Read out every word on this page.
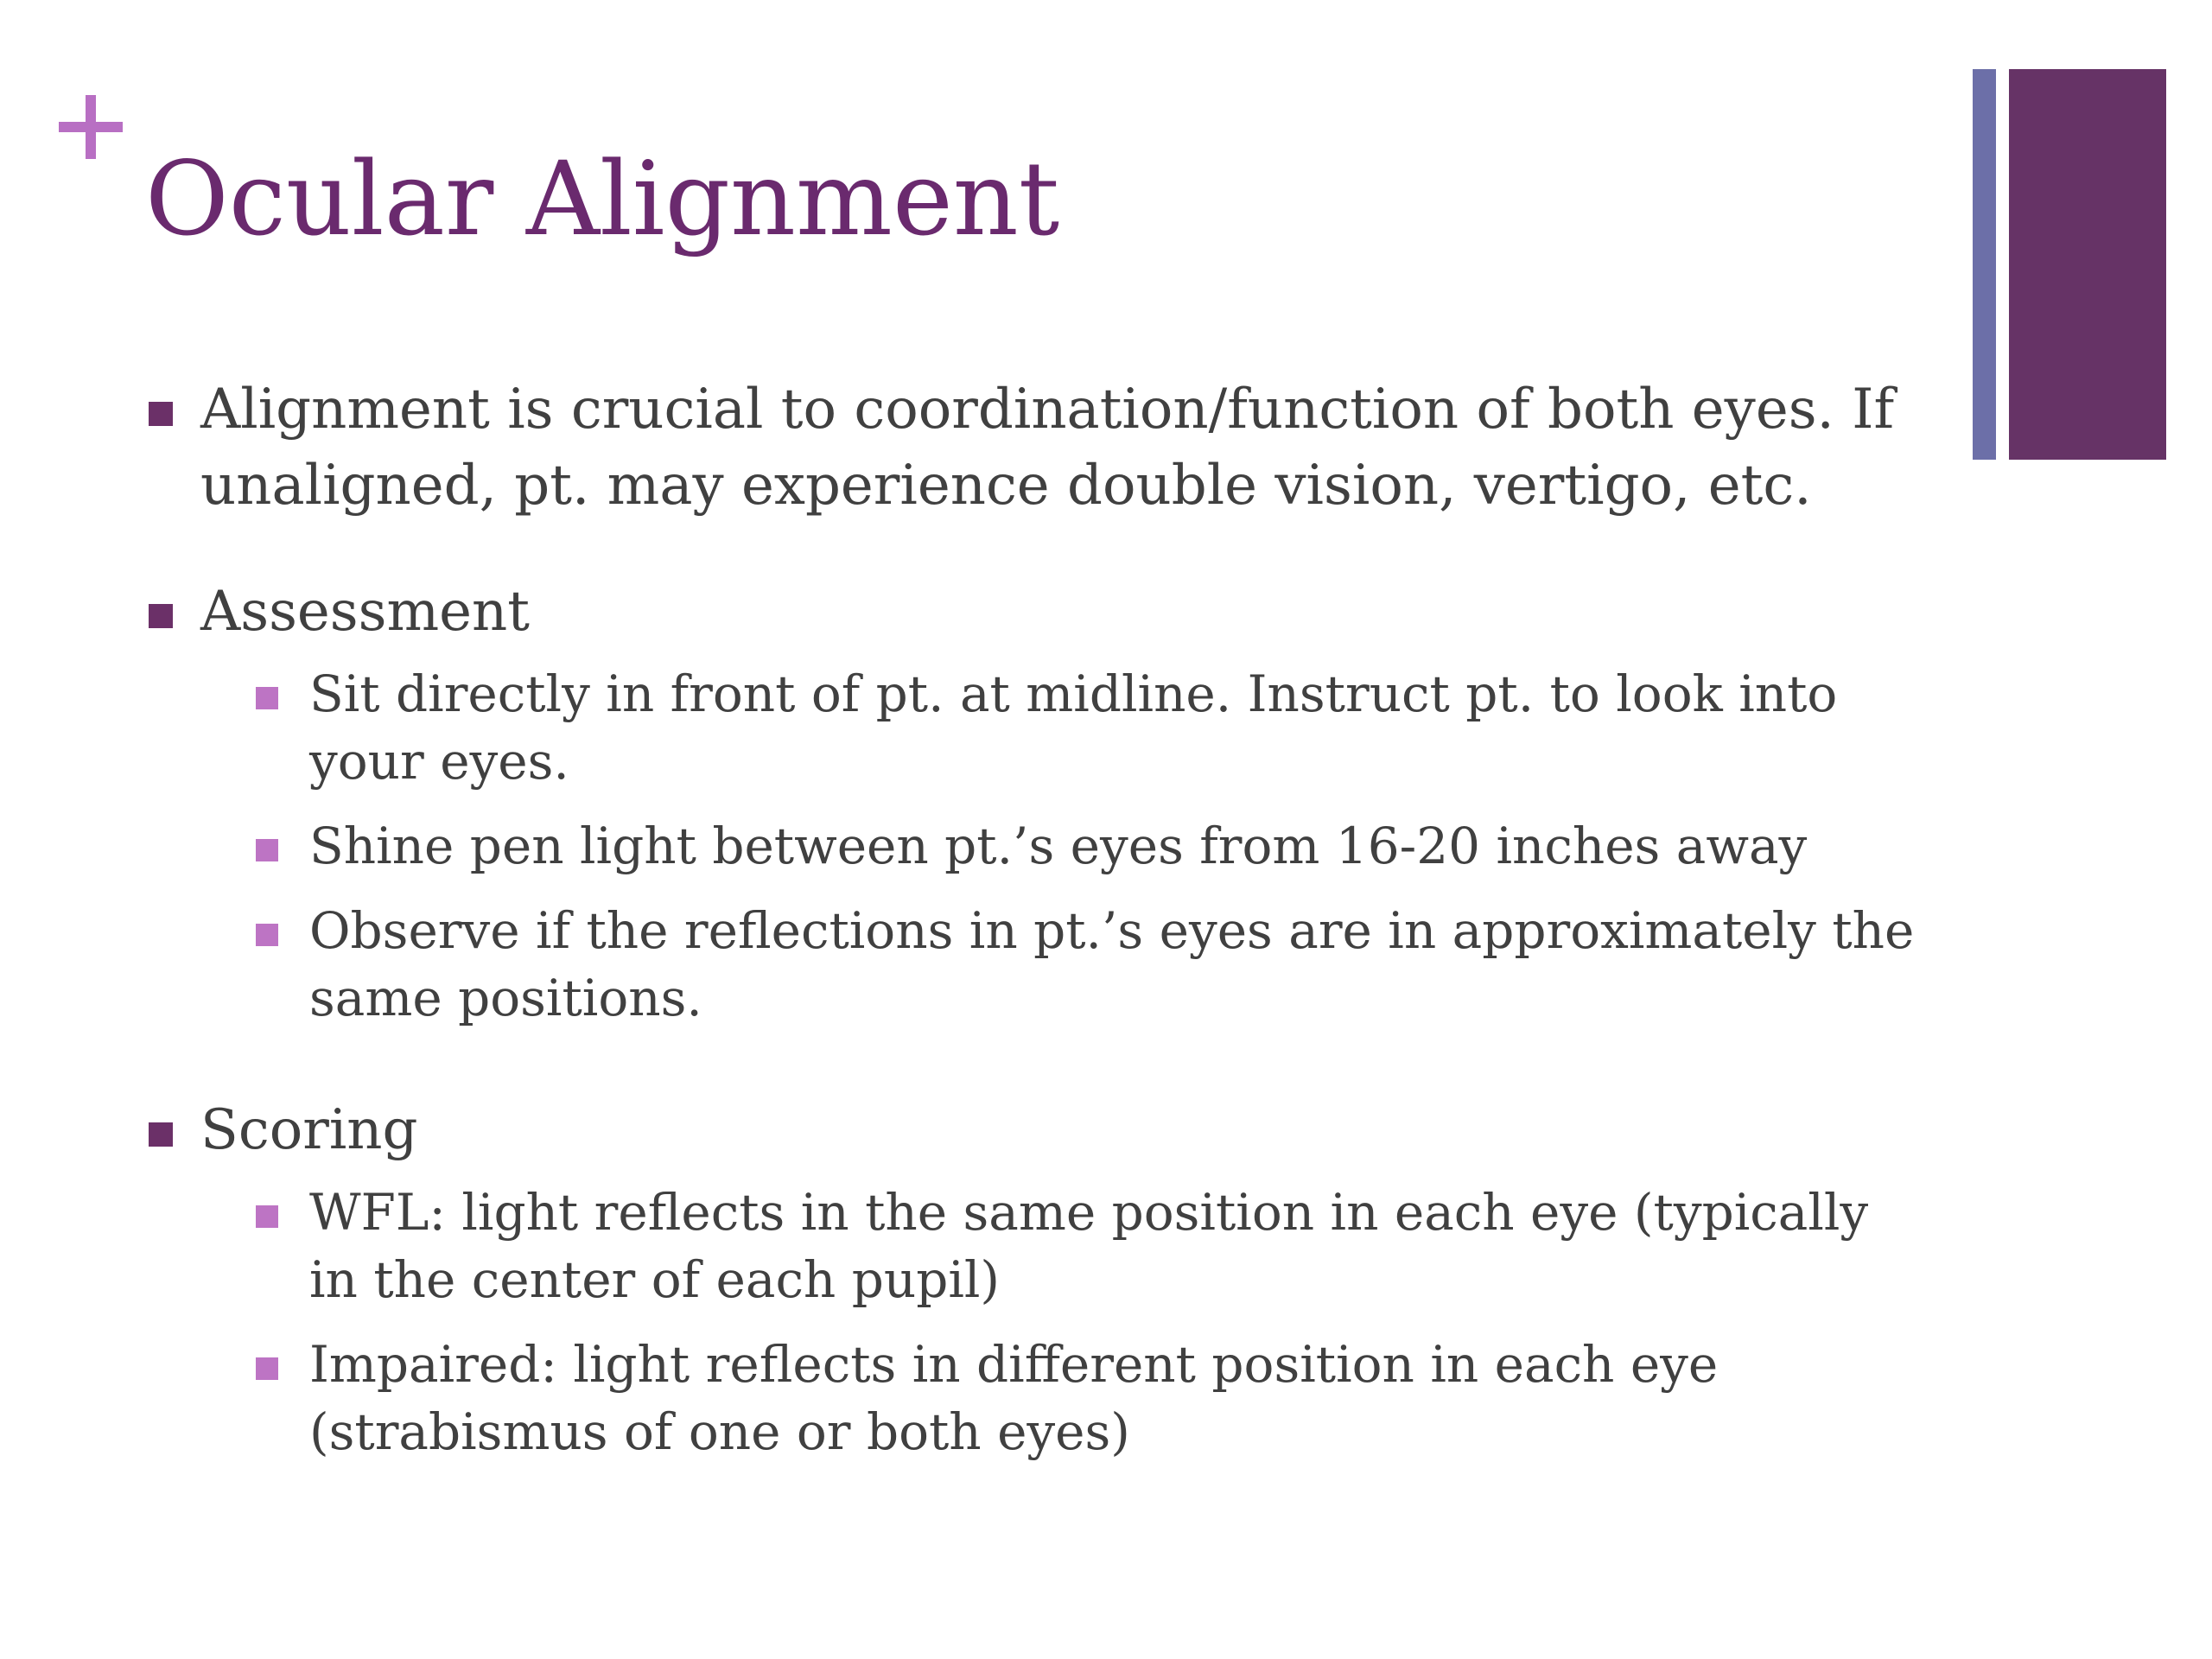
Ocular Alignment
Alignment is crucial to coordination/function of both eyes. If unaligned, pt. may experience double vision, vertigo, etc.
Assessment
Sit directly in front of pt. at midline. Instruct pt. to look into your eyes.
Shine pen light between pt.’s eyes from 16-20 inches away
Observe if the reflections in pt.’s eyes are in approximately the same positions.
Scoring
WFL: light reflects in the same position in each eye (typically in the center of each pupil)
Impaired: light reflects in different position in each eye (strabismus of one or both eyes)
